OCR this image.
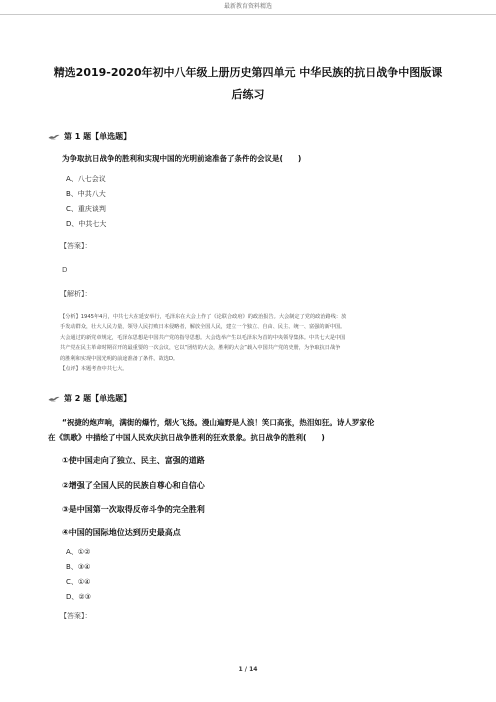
最新教育资料精选
精选2019-2020年初中八年级上册历史第四单元 中华民族的抗日战争中图版课
后练习
第 1 题【单选题】
为争取抗日战争的胜利和实现中国的光明前途准备了条件的会议是(　　)
A、八七会议
B、中共八大
C、重庆谈判
D、中共七大
【答案】：
D
【解析】：

【分析】1945年4月，中共七大在延安举行，毛泽东在大会上作了《论联合政府》的政治报告。大会制定了党的政治路线：放

手发动群众，壮大人民力量，领导人民打败日本侵略者，解放全国人民，建立一个独立、自由、民主、统一、富强的新中国。

大会通过的新党章规定，毛泽东思想是中国共产党的指导思想。大会选举产生以毛泽东为首的中央领导集体。中共七大是中国

共产党在民主革命时期召开的最重要的一次会议，它以“团结的大会，胜利的大会”载入中国共产党的史册，为争取抗日战争

的胜利和实现中国光明的前途准备了条件。故选D。

【点评】本题考查中共七大。

第 2 题【单选题】
“祝捷的炮声响，满街的爆竹，烟火飞扬。漫山遍野是人浪！笑口高张，热泪如狂。诗人罗家伦
在《凯歌》中描绘了中国人民欢庆抗日战争胜利的狂欢景象。抗日战争的胜利(　　)
①使中国走向了独立、民主、富强的道路
②增强了全国人民的民族自尊心和自信心
③是中国第一次取得反帝斗争的完全胜利
④中国的国际地位达到历史最高点
A、①②
B、③④
C、①④
D、②③
【答案】：
1 / 14
